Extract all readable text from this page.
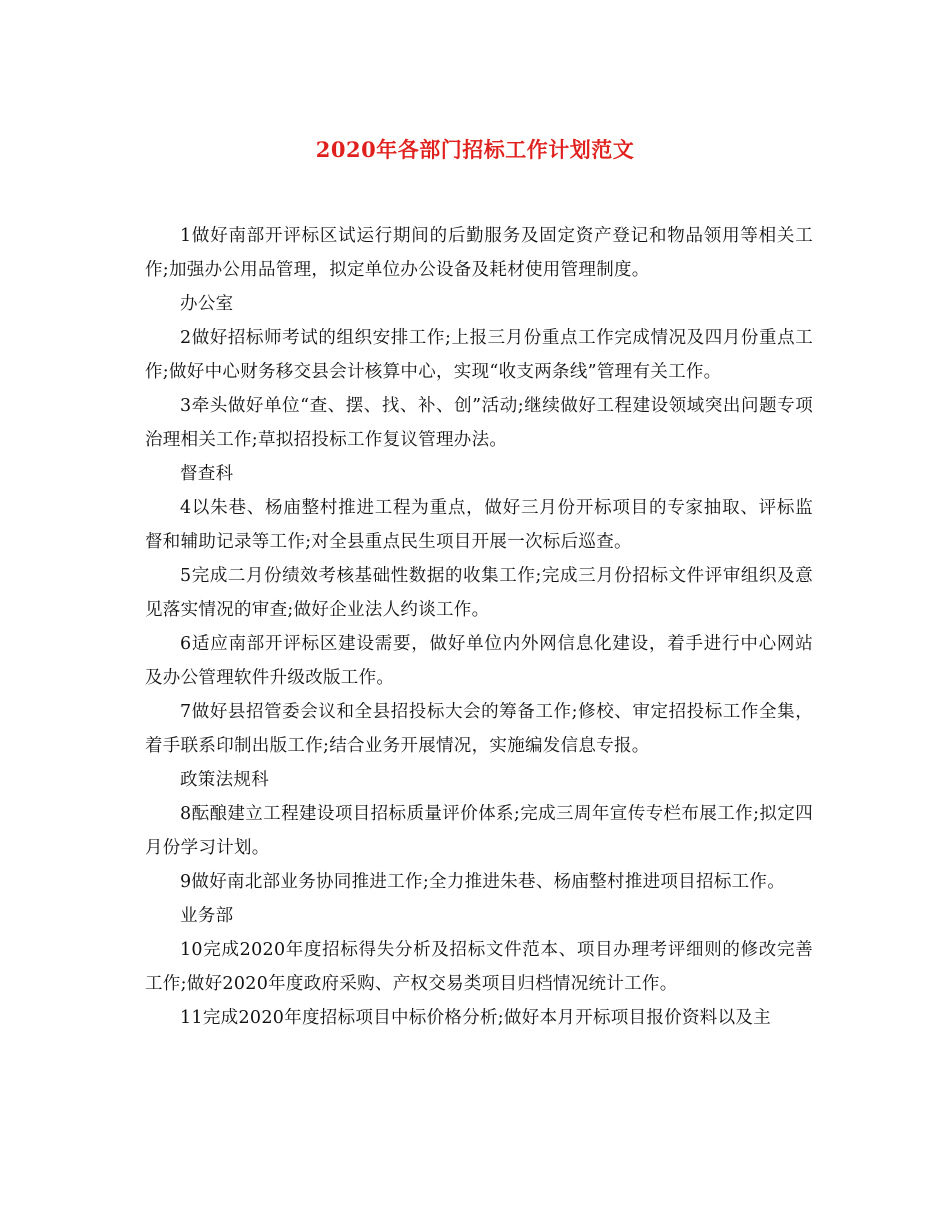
2020年各部门招标工作计划范文

1做好南部开评标区试运行期间的后勤服务及固定资产登记和物品领用等相关工作;加强办公用品管理，拟定单位办公设备及耗材使用管理制度。

办公室

2做好招标师考试的组织安排工作;上报三月份重点工作完成情况及四月份重点工作;做好中心财务移交县会计核算中心，实现“收支两条线”管理有关工作。

3牵头做好单位“查、摆、找、补、创”活动;继续做好工程建设领域突出问题专项治理相关工作;草拟招投标工作复议管理办法。

督查科

4以朱巷、杨庙整村推进工程为重点，做好三月份开标项目的专家抽取、评标监督和辅助记录等工作;对全县重点民生项目开展一次标后巡查。

5完成二月份绩效考核基础性数据的收集工作;完成三月份招标文件评审组织及意见落实情况的审查;做好企业法人约谈工作。

6适应南部开评标区建设需要，做好单位内外网信息化建设，着手进行中心网站及办公管理软件升级改版工作。

7做好县招管委会议和全县招投标大会的筹备工作;修校、审定招投标工作全集，着手联系印制出版工作;结合业务开展情况，实施编发信息专报。

政策法规科

8酝酿建立工程建设项目招标质量评价体系;完成三周年宣传专栏布展工作;拟定四月份学习计划。

9做好南北部业务协同推进工作;全力推进朱巷、杨庙整村推进项目招标工作。

业务部

10完成2020年度招标得失分析及招标文件范本、项目办理考评细则的修改完善工作;做好2020年度政府采购、产权交易类项目归档情况统计工作。

11完成2020年度招标项目中标价格分析;做好本月开标项目报价资料以及主
